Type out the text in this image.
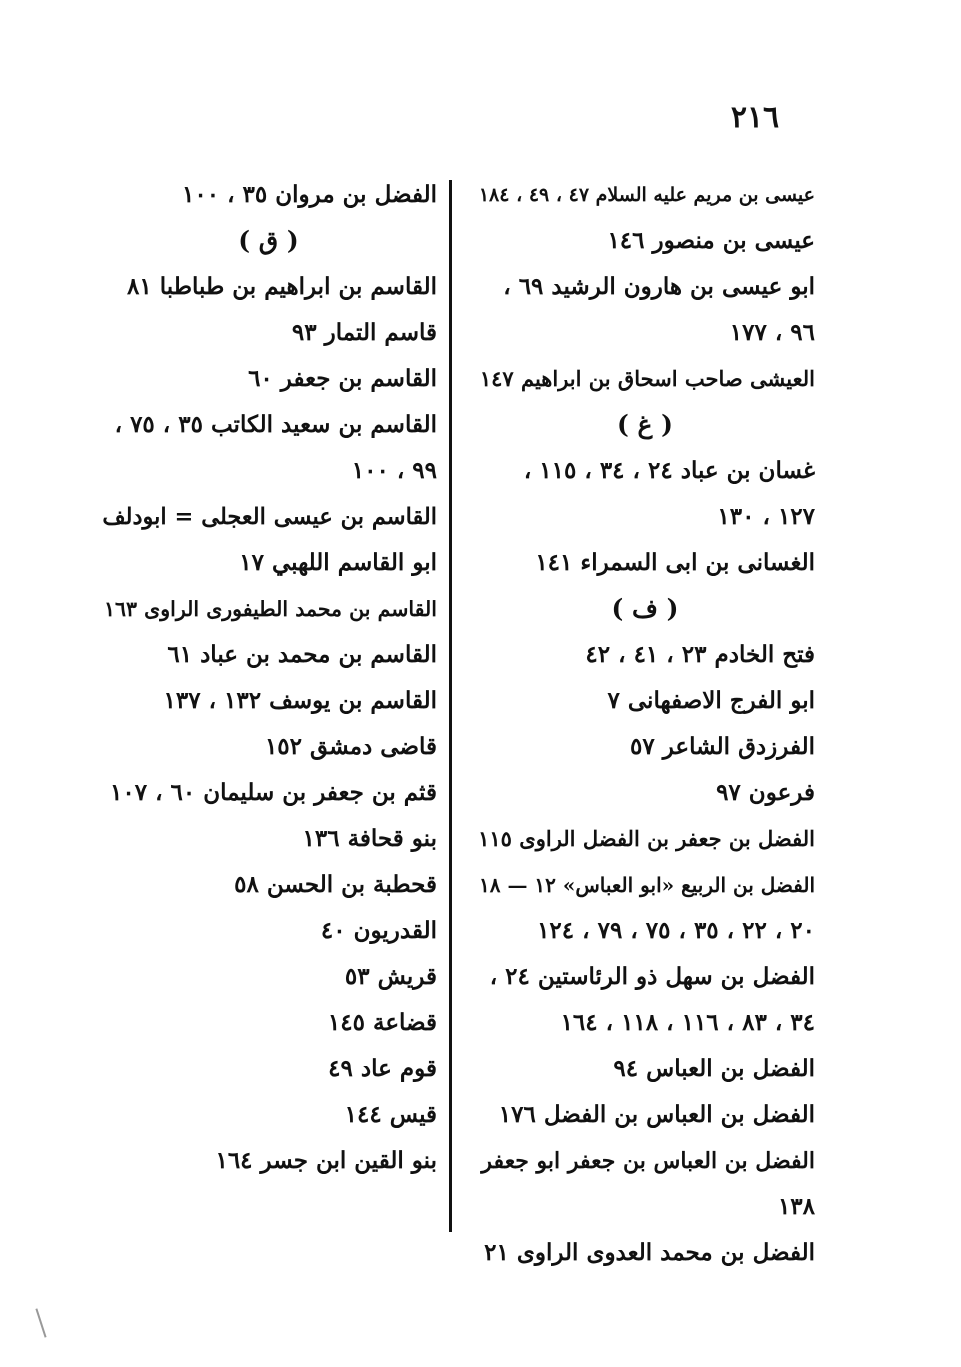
٢١٦
عيسى بن مريم عليه السلام ٤٧ ، ٤٩ ، ١٨٤
عيسى بن منصور ١٤٦
ابو عيسى بن هارون الرشيد ٦٩ ،
٩٦ ، ١٧٧
العيشى صاحب اسحاق بن ابراهيم ١٤٧
( غ )
غسان بن عباد ٢٤ ، ٣٤ ، ١١٥ ،
١٢٧ ، ١٣٠
الغسانى بن ابى السمراء ١٤١
( ف )
فتح الخادم ٢٣ ، ٤١ ، ٤٢
ابو الفرج الاصفهانى ٧
الفرزدق الشاعر ٥٧
فرعون ٩٧
الفضل بن جعفر بن الفضل الراوى ١١٥
الفضل بن الربيع «ابو العباس» ١٢ — ١٨
٢٠ ، ٢٢ ، ٣٥ ، ٧٥ ، ٧٩ ، ١٢٤
الفضل بن سهل ذو الرئاستين ٢٤ ،
٣٤ ، ٨٣ ، ١١٦ ، ١١٨ ، ١٦٤
الفضل بن العباس ٩٤
الفضل بن العباس بن الفضل ١٧٦
الفضل بن العباس بن جعفر ابو جعفر
١٣٨
الفضل بن محمد العدوى الراوى ٢١
الفضل بن مروان ٣٥ ، ١٠٠
( ق )
القاسم بن ابراهيم بن طباطبا ٨١
قاسم التمار ٩٣
القاسم بن جعفر ٦٠
القاسم بن سعيد الكاتب ٣٥ ، ٧٥ ،
٩٩ ، ١٠٠
القاسم بن عيسى العجلى = ابودلف
ابو القاسم اللهبي ١٧
القاسم بن محمد الطيفورى الراوى ١٦٣
القاسم بن محمد بن عباد ٦١
القاسم بن يوسف ١٣٢ ، ١٣٧
قاضى دمشق ١٥٢
قثم بن جعفر بن سليمان ٦٠ ، ١٠٧
بنو قحافة ١٣٦
قحطبة بن الحسن ٥٨
القدريون ٤٠
قريش ٥٣
قضاعة ١٤٥
قوم عاد ٤٩
قيس ١٤٤
بنو القين ابن جسر ١٦٤
